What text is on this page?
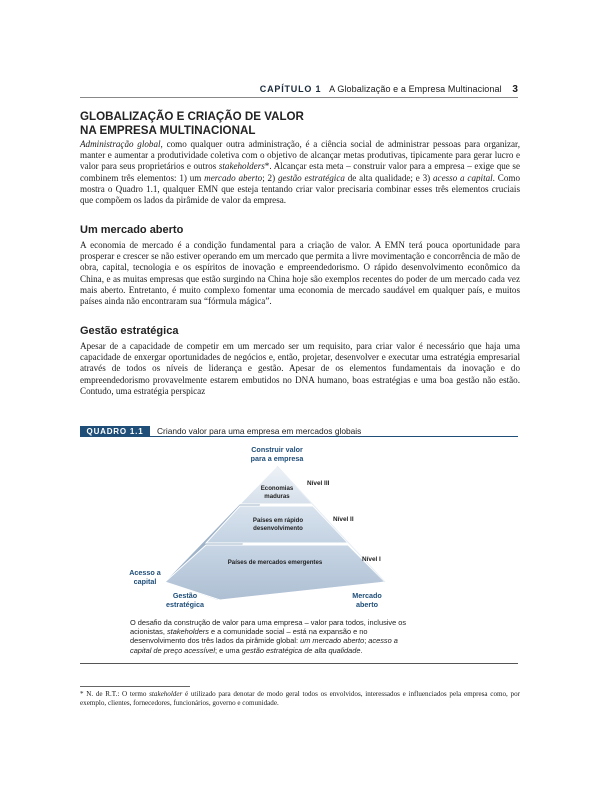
CAPÍTULO 1 A Globalização e a Empresa Multinacional 3
GLOBALIZAÇÃO E CRIAÇÃO DE VALOR
NA EMPRESA MULTINACIONAL
Administração global, como qualquer outra administração, é a ciência social de administrar pessoas para organizar, manter e aumentar a produtividade coletiva com o objetivo de alcançar metas produtivas, tipicamente para gerar lucro e valor para seus proprietários e outros stakeholders*. Alcançar esta meta – construir valor para a empresa – exige que se combinem três elementos: 1) um mercado aberto; 2) gestão estratégica de alta qualidade; e 3) acesso a capital. Como mostra o Quadro 1.1, qualquer EMN que esteja tentando criar valor precisaria combinar esses três elementos cruciais que compõem os lados da pirâmide de valor da empresa.
Um mercado aberto
A economia de mercado é a condição fundamental para a criação de valor. A EMN terá pouca oportunidade para prosperar e crescer se não estiver operando em um mercado que permita a livre movimentação e concorrência de mão de obra, capital, tecnologia e os espíritos de inovação e empreendedorismo. O rápido desenvolvimento econômico da China, e as muitas empresas que estão surgindo na China hoje são exemplos recentes do poder de um mercado cada vez mais aberto. Entretanto, é muito complexo fomentar uma economia de mercado saudável em qualquer país, e muitos países ainda não encontraram sua “fórmula mágica”.
Gestão estratégica
Apesar de a capacidade de competir em um mercado ser um requisito, para criar valor é necessário que haja uma capacidade de enxergar oportunidades de negócios e, então, projetar, desenvolver e executar uma estratégia empresarial através de todos os níveis de liderança e gestão. Apesar de os elementos fundamentais da inovação e do empreendedorismo provavelmente estarem embutidos no DNA humano, boas estratégias e uma boa gestão não estão. Contudo, uma estratégia perspicaz
QUADRO 1.1	Criando valor para uma empresa em mercados globais
Construir valor
para a empresa
Acesso a
capital
Gestão
estratégica
Mercado
aberto
Economias
maduras
Países em rápido
desenvolvimento
Países de mercados emergentes
Nível III
Nível II
Nível I
O desafio da construção de valor para uma empresa – valor para todos, inclusive os acionistas, stakeholders e a comunidade social – está na expansão e no desenvolvimento dos três lados da pirâmide global: um mercado aberto; acesso a capital de preço acessível; e uma gestão estratégica de alta qualidade.
* N. de R.T.: O termo stakeholder é utilizado para denotar de modo geral todos os envolvidos, interessados e influenciados pela empresa como, por exemplo, clientes, fornecedores, funcionários, governo e comunidade.
